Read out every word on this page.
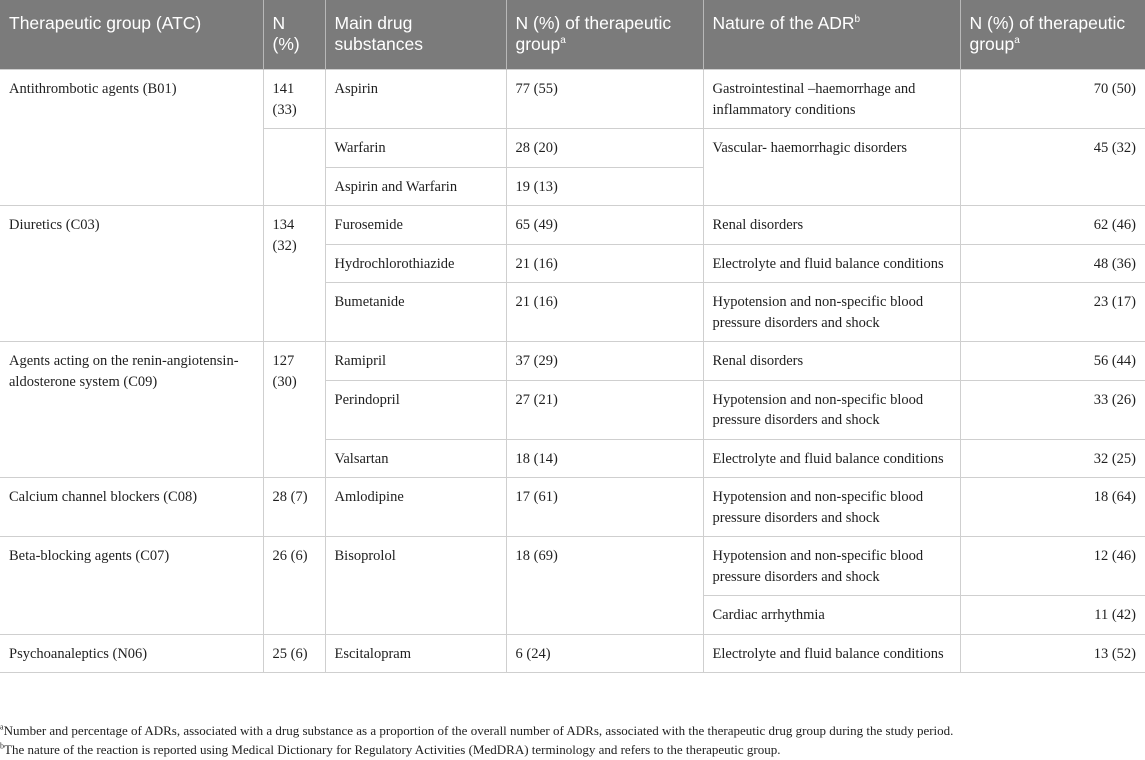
Therapeutic group (ATC)	N (%)	Main drug substances	N (%) of therapeutic group$^a$	Nature of the ADR$^b$	N (%) of therapeutic group$^a$
Antithrombotic agents (B01)	141 (33)	Aspirin	77 (55)	Gastrointestinal –haemorrhage and inflammatory conditions	70 (50)
		Warfarin	28 (20)	Vascular- haemorrhagic disorders	45 (32)
		Aspirin and Warfarin	19 (13)		
Diuretics (C03)	134 (32)	Furosemide	65 (49)	Renal disorders	62 (46)
		Hydrochlorothiazide	21 (16)	Electrolyte and fluid balance conditions	48 (36)
		Bumetanide	21 (16)	Hypotension and non-specific blood pressure disorders and shock	23 (17)
Agents acting on the renin-angiotensin-aldosterone system (C09)	127 (30)	Ramipril	37 (29)	Renal disorders	56 (44)
		Perindopril	27 (21)	Hypotension and non-specific blood pressure disorders and shock	33 (26)
		Valsartan	18 (14)	Electrolyte and fluid balance conditions	32 (25)
Calcium channel blockers (C08)	28 (7)	Amlodipine	17 (61)	Hypotension and non-specific blood pressure disorders and shock	18 (64)
Beta-blocking agents (C07)	26 (6)	Bisoprolol	18 (69)	Hypotension and non-specific blood pressure disorders and shock	12 (46)
				Cardiac arrhythmia	11 (42)
Psychoanaleptics (N06)	25 (6)	Escitalopram	6 (24)	Electrolyte and fluid balance conditions	13 (52)

$^a$Number and percentage of ADRs, associated with a drug substance as a proportion of the overall number of ADRs, associated with the therapeutic drug group during the study period.

$^b$The nature of the reaction is reported using Medical Dictionary for Regulatory Activities (MedDRA) terminology and refers to the therapeutic group.
